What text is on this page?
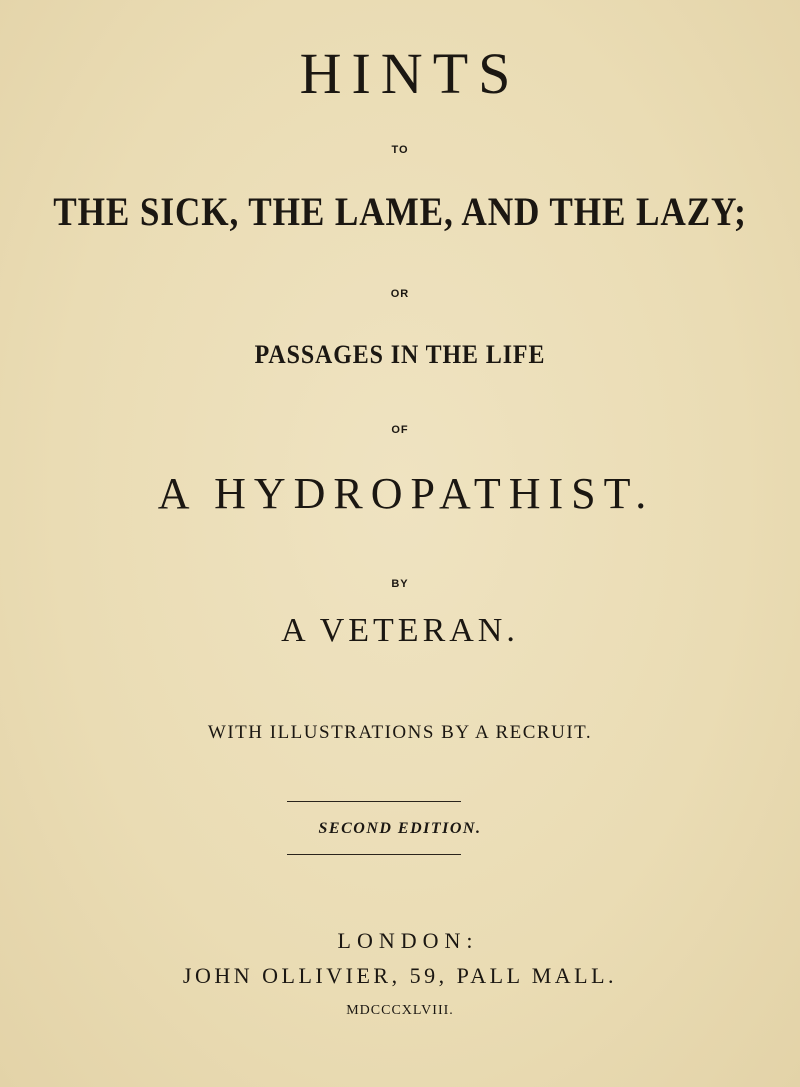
HINTS
TO
THE SICK, THE LAME, AND THE LAZY;
OR
PASSAGES IN THE LIFE
OF
A HYDROPATHIST.
BY
A VETERAN.
WITH ILLUSTRATIONS BY A RECRUIT.
SECOND EDITION.
LONDON:
JOHN OLLIVIER, 59, PALL MALL.
MDCCCXLVIII.
